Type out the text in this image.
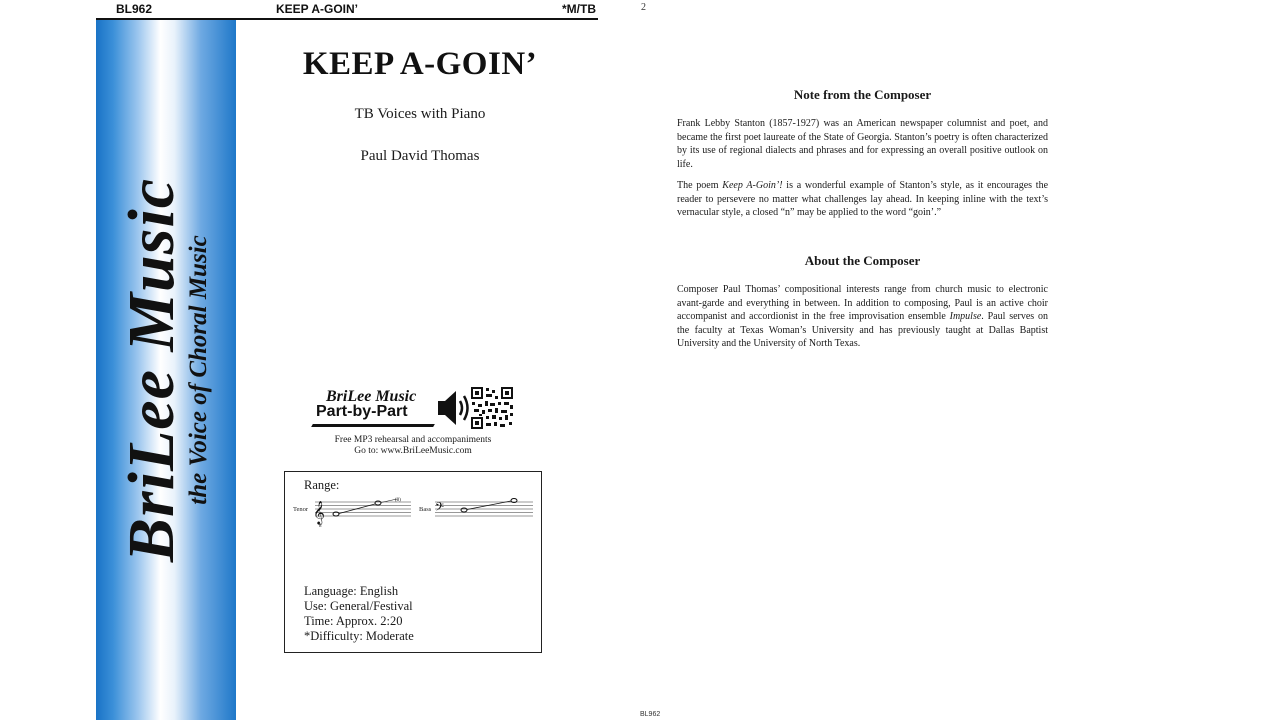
BL962	KEEP A-GOIN’	*M/TB
BriLee Music
the Voice of Choral Music
KEEP A-GOIN’
TB Voices with Piano
Paul David Thomas
BriLee Music
Part-by-Part
Free MP3 rehearsal and accompaniments
Go to: www.BriLeeMusic.com
Range:
Tenor 𝄞
8
(8)
Bass 𝄢
Language: English
Use: General/Festival
Time: Approx. 2:20
*Difficulty: Moderate
2
Note from the Composer

Frank Lebby Stanton (1857-1927) was an American newspaper columnist and poet, and became the first poet laureate of the State of Georgia. Stanton’s poetry is often characterized by its use of regional dialects and phrases and for expressing an overall positive outlook on life.

The poem Keep A-Goin’! is a wonderful example of Stanton’s style, as it encourages the reader to persevere no matter what challenges lay ahead. In keeping inline with the text’s vernacular style, a closed “n” may be applied to the word “goin’.”

About the Composer

Composer Paul Thomas’ compositional interests range from church music to electronic avant-garde and everything in between. In addition to composing, Paul is an active choir accompanist and accordionist in the free improvisation ensemble Impulse. Paul serves on the faculty at Texas Woman’s University and has previously taught at Dallas Baptist University and the University of North Texas.

BL962
